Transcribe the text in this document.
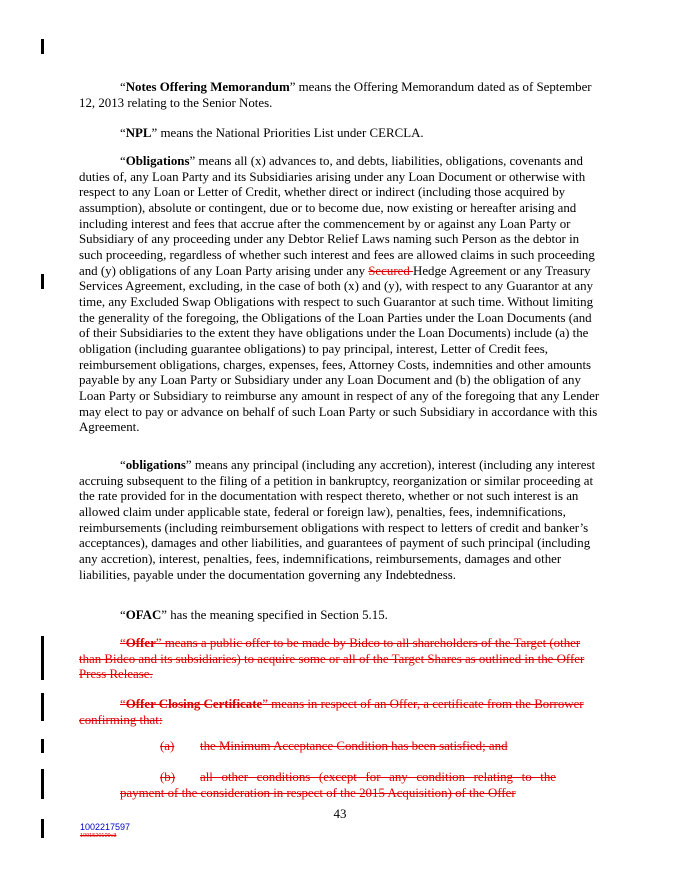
“Notes Offering Memorandum” means the Offering Memorandum dated as of September 12, 2013 relating to the Senior Notes.

“NPL” means the National Priorities List under CERCLA.

“Obligations” means all (x) advances to, and debts, liabilities, obligations, covenants and duties of, any Loan Party and its Subsidiaries arising under any Loan Document or otherwise with respect to any Loan or Letter of Credit, whether direct or indirect (including those acquired by assumption), absolute or contingent, due or to become due, now existing or hereafter arising and including interest and fees that accrue after the commencement by or against any Loan Party or Subsidiary of any proceeding under any Debtor Relief Laws naming such Person as the debtor in such proceeding, regardless of whether such interest and fees are allowed claims in such proceeding and (y) obligations of any Loan Party arising under any Secured Hedge Agreement or any Treasury Services Agreement, excluding, in the case of both (x) and (y), with respect to any Guarantor at any time, any Excluded Swap Obligations with respect to such Guarantor at such time. Without limiting the generality of the foregoing, the Obligations of the Loan Parties under the Loan Documents (and of their Subsidiaries to the extent they have obligations under the Loan Documents) include (a) the obligation (including guarantee obligations) to pay principal, interest, Letter of Credit fees, reimbursement obligations, charges, expenses, fees, Attorney Costs, indemnities and other amounts payable by any Loan Party or Subsidiary under any Loan Document and (b) the obligation of any Loan Party or Subsidiary to reimburse any amount in respect of any of the foregoing that any Lender may elect to pay or advance on behalf of such Loan Party or such Subsidiary in accordance with this Agreement.

“obligations” means any principal (including any accretion), interest (including any interest accruing subsequent to the filing of a petition in bankruptcy, reorganization or similar proceeding at the rate provided for in the documentation with respect thereto, whether or not such interest is an allowed claim under applicable state, federal or foreign law), penalties, fees, indemnifications, reimbursements (including reimbursement obligations with respect to letters of credit and banker’s acceptances), damages and other liabilities, and guarantees of payment of such principal (including any accretion), interest, penalties, fees, indemnifications, reimbursements, damages and other liabilities, payable under the documentation governing any Indebtedness.

“OFAC” has the meaning specified in Section 5.15.

“Offer” means a public offer to be made by Bidco to all shareholders of the Target (other than Bidco and its subsidiaries) to acquire some or all of the Target Shares as outlined in the Offer Press Release.

“Offer Closing Certificate” means in respect of an Offer, a certificate from the Borrower confirming that:

(a) the Minimum Acceptance Condition has been satisfied; and
(b) all other conditions (except for any condition relating to the
payment of the consideration in respect of the 2015 Acquisition) of the Offer
43
1002217597
1001520109v3
